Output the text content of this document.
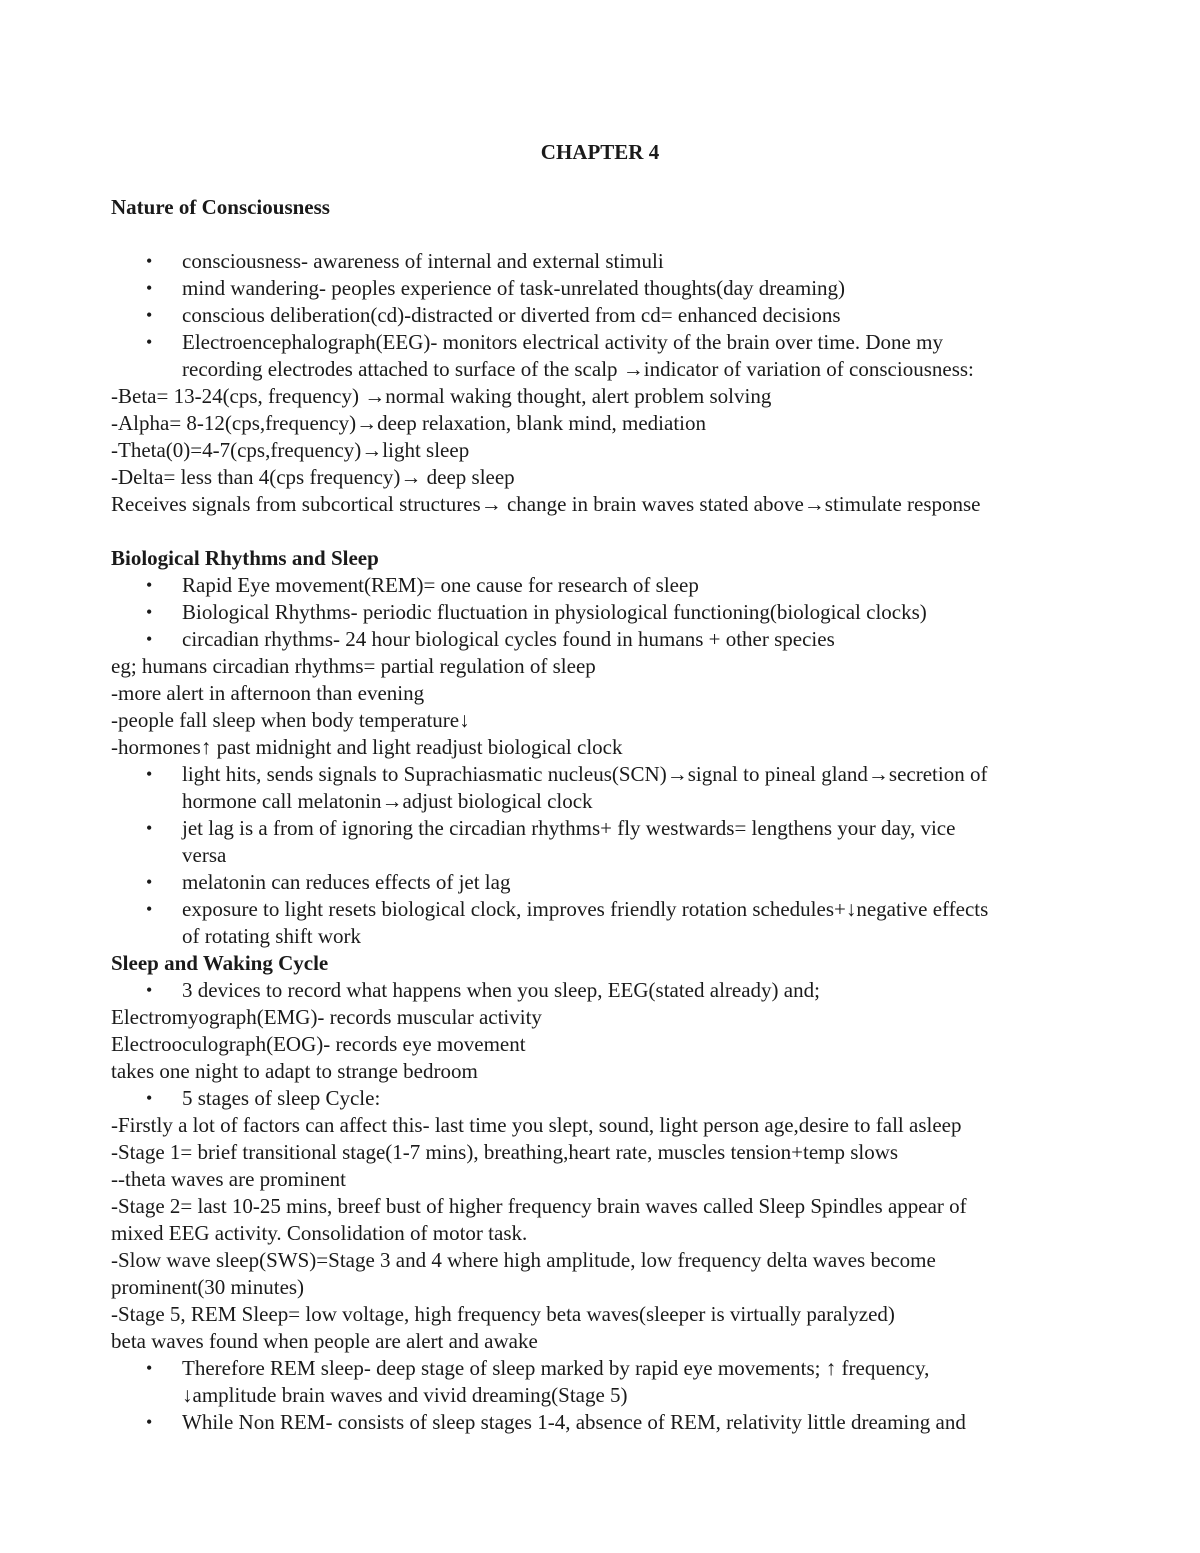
CHAPTER 4
Nature of Consciousness
• consciousness- awareness of internal and external stimuli
• mind wandering- peoples experience of task-unrelated thoughts(day dreaming)
• conscious deliberation(cd)-distracted or diverted from cd= enhanced decisions
• Electroencephalograph(EEG)- monitors electrical activity of the brain over time. Done my
recording electrodes attached to surface of the scalp →indicator of variation of consciousness:
-Beta= 13-24(cps, frequency) →normal waking thought, alert problem solving
-Alpha= 8-12(cps,frequency)→deep relaxation, blank mind, mediation
-Theta(0)=4-7(cps,frequency)→light sleep
-Delta= less than 4(cps frequency)→ deep sleep
Receives signals from subcortical structures→ change in brain waves stated above→stimulate response
Biological Rhythms and Sleep
• Rapid Eye movement(REM)= one cause for research of sleep
• Biological Rhythms- periodic fluctuation in physiological functioning(biological clocks)
• circadian rhythms- 24 hour biological cycles found in humans + other species
eg; humans circadian rhythms= partial regulation of sleep
-more alert in afternoon than evening
-people fall sleep when body temperature↓
-hormones↑ past midnight and light readjust biological clock
• light hits, sends signals to Suprachiasmatic nucleus(SCN)→signal to pineal gland→secretion of
hormone call melatonin→adjust biological clock
• jet lag is a from of ignoring the circadian rhythms+ fly westwards= lengthens your day, vice
versa
• melatonin can reduces effects of jet lag
• exposure to light resets biological clock, improves friendly rotation schedules+↓negative effects
of rotating shift work
Sleep and Waking Cycle
• 3 devices to record what happens when you sleep, EEG(stated already) and;
Electromyograph(EMG)- records muscular activity
Electrooculograph(EOG)- records eye movement
takes one night to adapt to strange bedroom
• 5 stages of sleep Cycle:
-Firstly a lot of factors can affect this- last time you slept, sound, light person age,desire to fall asleep
-Stage 1= brief transitional stage(1-7 mins), breathing,heart rate, muscles tension+temp slows
--theta waves are prominent
-Stage 2= last 10-25 mins, breef bust of higher frequency brain waves called Sleep Spindles appear of
mixed EEG activity. Consolidation of motor task.
-Slow wave sleep(SWS)=Stage 3 and 4 where high amplitude, low frequency delta waves become
prominent(30 minutes)
-Stage 5, REM Sleep= low voltage, high frequency beta waves(sleeper is virtually paralyzed)
beta waves found when people are alert and awake
• Therefore REM sleep- deep stage of sleep marked by rapid eye movements; ↑ frequency,
↓amplitude brain waves and vivid dreaming(Stage 5)
• While Non REM- consists of sleep stages 1-4, absence of REM, relativity little dreaming and
